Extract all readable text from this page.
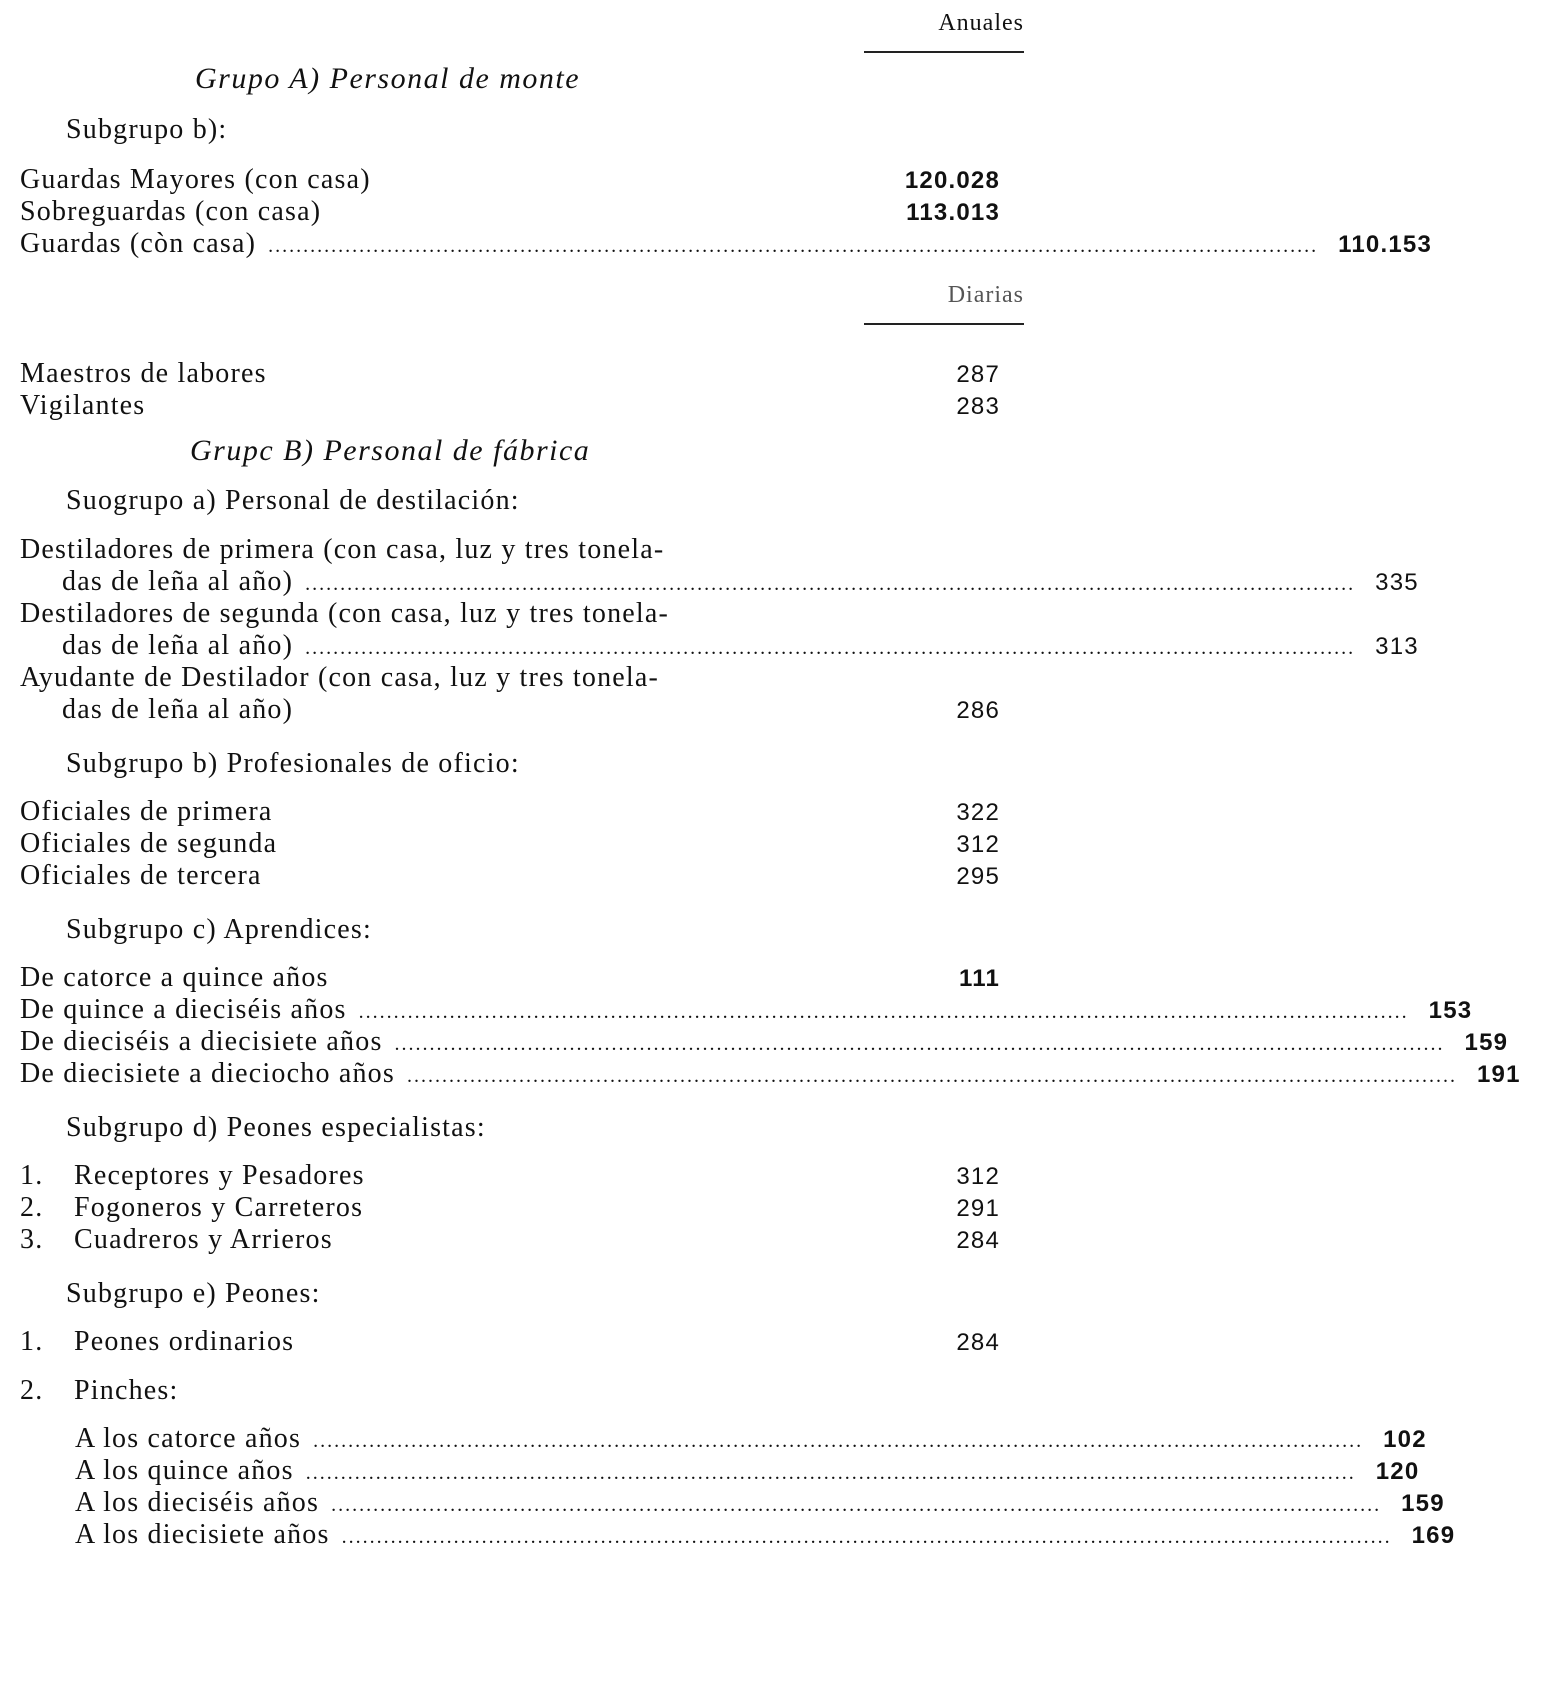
Anuales
Grupo A) Personal de monte
Subgrupo b):
Guardas Mayores (con casa)	120.028
Sobreguardas (con casa)	113.013
Guardas (còn casa) ...................................................................................................................................................... 110.153
Diarias
Maestros de labores	287
Vigilantes	283
Grupc B) Personal de fábrica
Suogrupo a) Personal de destilación:
Destiladores de primera (con casa, luz y tres tonela-
das de leña al año) ...................................................................................................................................................... 335
Destiladores de segunda (con casa, luz y tres tonela-
das de leña al año) ...................................................................................................................................................... 313
Ayudante de Destilador (con casa, luz y tres tonela-
das de leña al año)	286
Subgrupo b) Profesionales de oficio:
Oficiales de primera	322
Oficiales de segunda	312
Oficiales de tercera	295
Subgrupo c) Aprendices:
De catorce a quince años	111
De quince a dieciséis años ...................................................................................................................................................... 153
De dieciséis a diecisiete años ...................................................................................................................................................... 159
De diecisiete a dieciocho años ...................................................................................................................................................... 191
Subgrupo d) Peones especialistas:
1.	Receptores y Pesadores	312
2.	Fogoneros y Carreteros	291
3.	Cuadreros y Arrieros	284
Subgrupo e) Peones:
1.	Peones ordinarios	284
2.	Pinches:
A los catorce años ...................................................................................................................................................... 102
A los quince años ...................................................................................................................................................... 120
A los dieciséis años ...................................................................................................................................................... 159
A los diecisiete años ...................................................................................................................................................... 169
